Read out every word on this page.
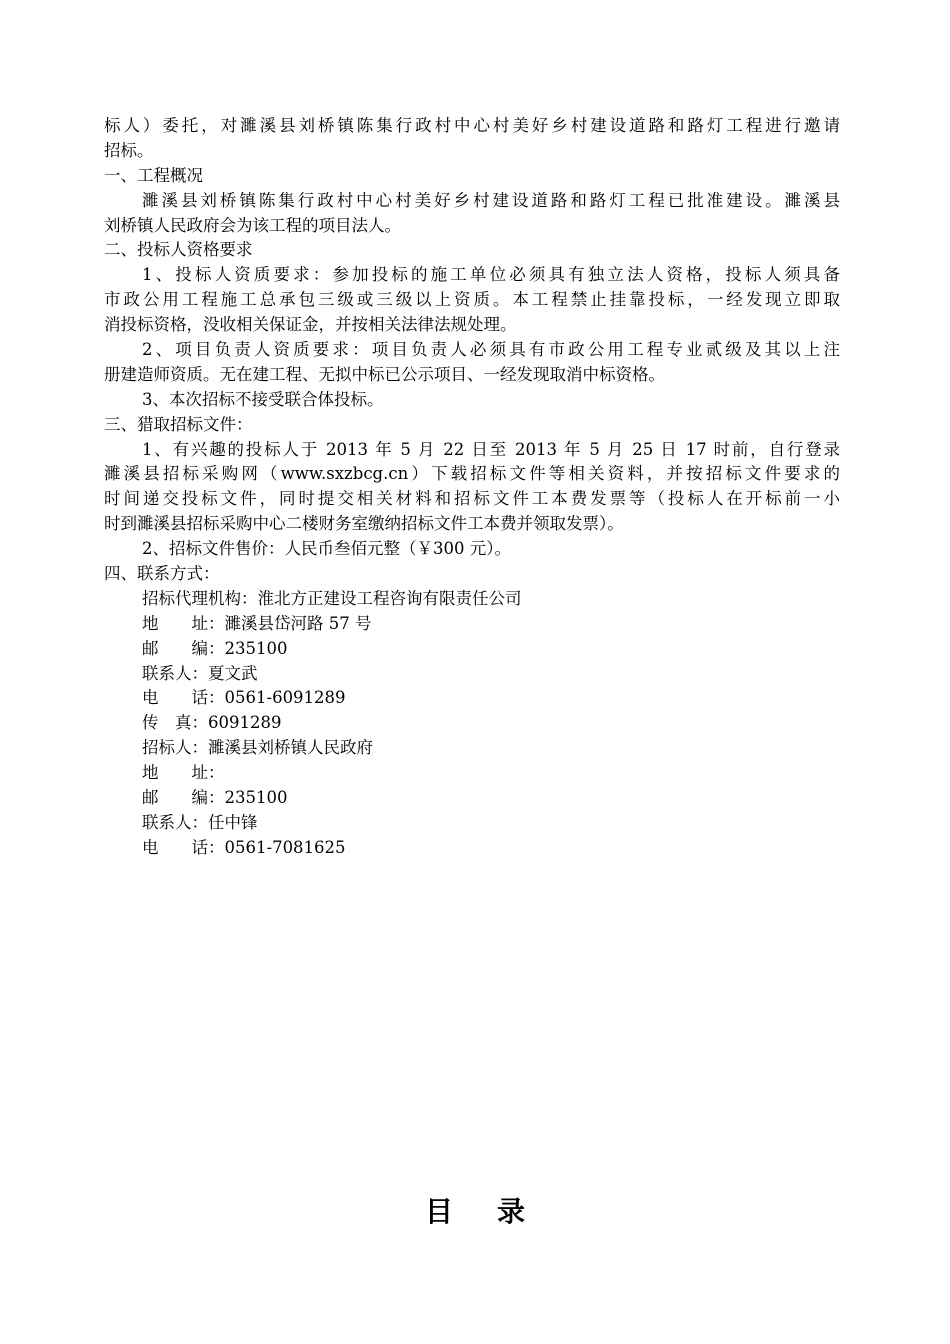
标人）委托，对濉溪县刘桥镇陈集行政村中心村美好乡村建设道路和路灯工程进行邀请
招标。
一、工程概况
濉溪县刘桥镇陈集行政村中心村美好乡村建设道路和路灯工程已批准建设。濉溪县
刘桥镇人民政府会为该工程的项目法人。
二、投标人资格要求
1、投标人资质要求：参加投标的施工单位必须具有独立法人资格，投标人须具备
市政公用工程施工总承包三级或三级以上资质。本工程禁止挂靠投标，一经发现立即取
消投标资格，没收相关保证金，并按相关法律法规处理。
2、项目负责人资质要求：项目负责人必须具有市政公用工程专业贰级及其以上注
册建造师资质。无在建工程、无拟中标已公示项目、一经发现取消中标资格。
3、本次招标不接受联合体投标。
三、猎取招标文件：
1、有兴趣的投标人于 2013 年 5 月 22 日至 2013 年 5 月 25 日 17 时前，自行登录
濉溪县招标采购网（www.sxzbcg.cn）下载招标文件等相关资料，并按招标文件要求的
时间递交投标文件，同时提交相关材料和招标文件工本费发票等（投标人在开标前一小
时到濉溪县招标采购中心二楼财务室缴纳招标文件工本费并领取发票）。
2、招标文件售价：人民币叁佰元整（￥300 元）。
四、联系方式：
招标代理机构：淮北方正建设工程咨询有限责任公司
地　　址：濉溪县岱河路 57 号
邮　　编：235100
联系人：夏文武
电　　话：0561-6091289
传　真：6091289
招标人：濉溪县刘桥镇人民政府
地　　址：
邮　　编：235100
联系人：任中锋
电　　话：0561-7081625
目录
